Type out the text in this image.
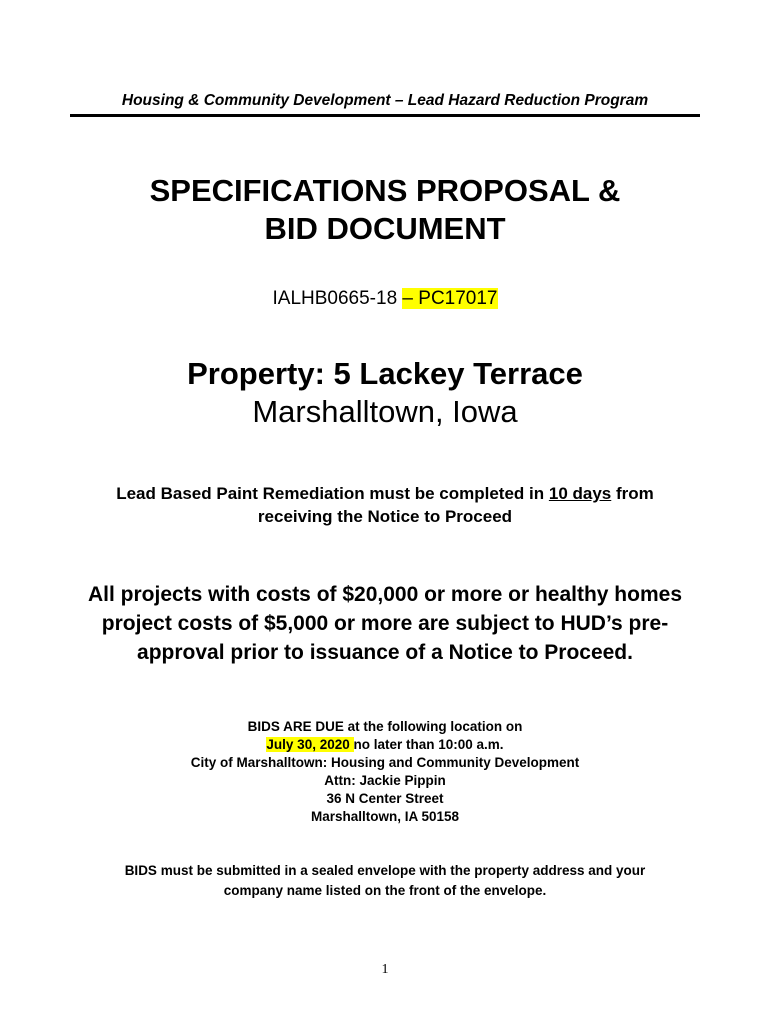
Housing & Community Development – Lead Hazard Reduction Program
SPECIFICATIONS PROPOSAL &
BID DOCUMENT
IALHB0665-18 – PC17017
Property: 5 Lackey Terrace
Marshalltown, Iowa
Lead Based Paint Remediation must be completed in 10 days from
receiving the Notice to Proceed
All projects with costs of $20,000 or more or healthy homes
project costs of $5,000 or more are subject to HUD’s pre-
approval prior to issuance of a Notice to Proceed.
BIDS ARE DUE at the following location on
July 30, 2020 no later than 10:00 a.m.
City of Marshalltown: Housing and Community Development
Attn: Jackie Pippin
36 N Center Street
Marshalltown, IA 50158
BIDS must be submitted in a sealed envelope with the property address and your
company name listed on the front of the envelope.
1
